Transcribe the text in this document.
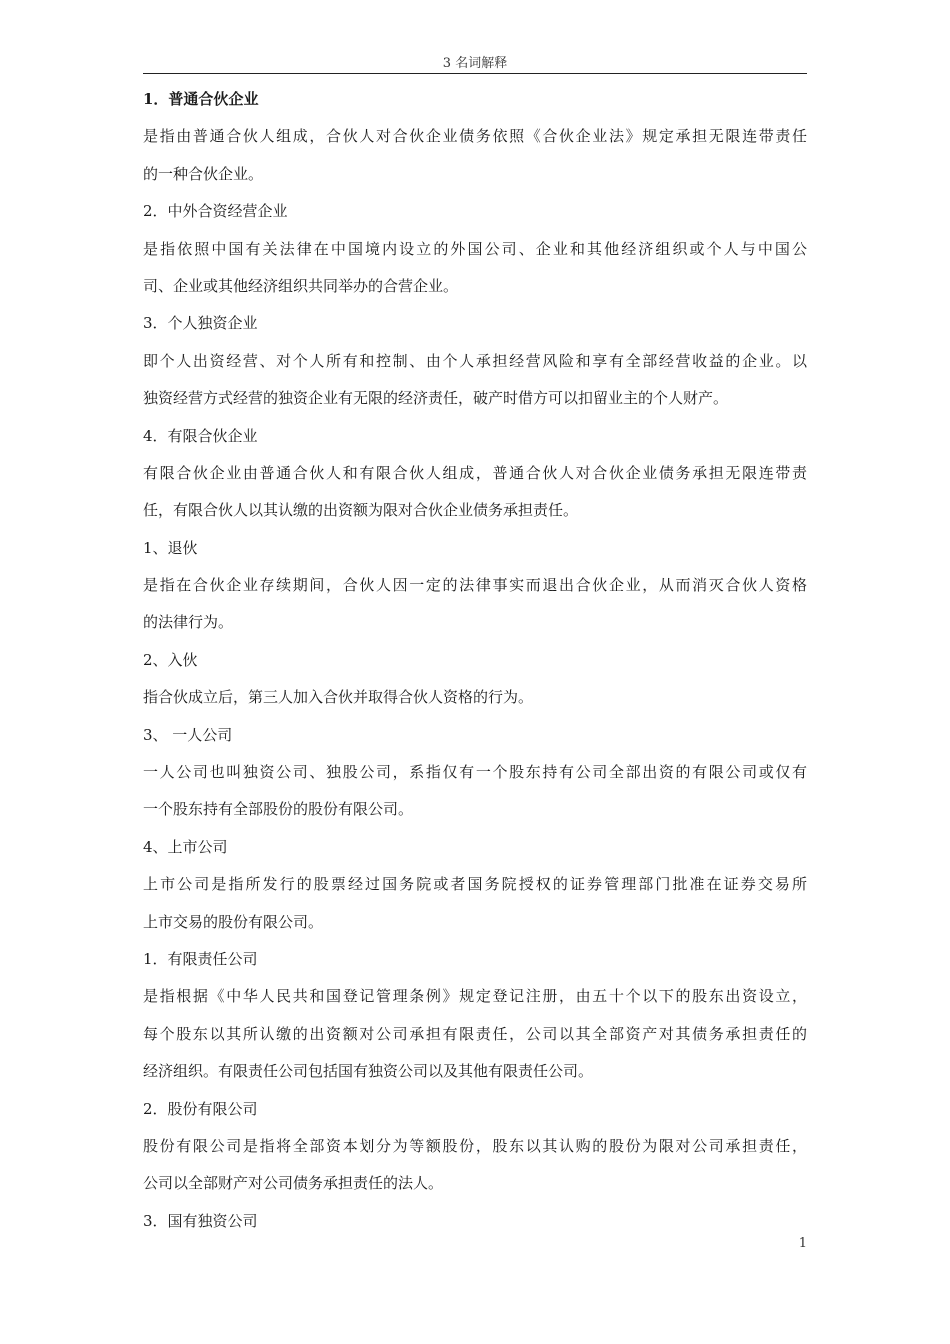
3 名词解释
1．普通合伙企业
是指由普通合伙人组成，合伙人对合伙企业债务依照《合伙企业法》规定承担无限连带责任
的一种合伙企业。
2．中外合资经营企业
是指依照中国有关法律在中国境内设立的外国公司、企业和其他经济组织或个人与中国公
司、企业或其他经济组织共同举办的合营企业。
3．个人独资企业
即个人出资经营、对个人所有和控制、由个人承担经营风险和享有全部经营收益的企业。以
独资经营方式经营的独资企业有无限的经济责任，破产时借方可以扣留业主的个人财产。
4．有限合伙企业
有限合伙企业由普通合伙人和有限合伙人组成，普通合伙人对合伙企业债务承担无限连带责
任，有限合伙人以其认缴的出资额为限对合伙企业债务承担责任。
1、退伙
是指在合伙企业存续期间，合伙人因一定的法律事实而退出合伙企业，从而消灭合伙人资格
的法律行为。
2、入伙
指合伙成立后，第三人加入合伙并取得合伙人资格的行为。
3、 一人公司
一人公司也叫独资公司、独股公司，系指仅有一个股东持有公司全部出资的有限公司或仅有
一个股东持有全部股份的股份有限公司。
4、上市公司
上市公司是指所发行的股票经过国务院或者国务院授权的证券管理部门批准在证券交易所
上市交易的股份有限公司。
1．有限责任公司
是指根据《中华人民共和国登记管理条例》规定登记注册，由五十个以下的股东出资设立，
每个股东以其所认缴的出资额对公司承担有限责任，公司以其全部资产对其债务承担责任的
经济组织。有限责任公司包括国有独资公司以及其他有限责任公司。
2．股份有限公司
股份有限公司是指将全部资本划分为等额股份，股东以其认购的股份为限对公司承担责任，
公司以全部财产对公司债务承担责任的法人。
3．国有独资公司
1
